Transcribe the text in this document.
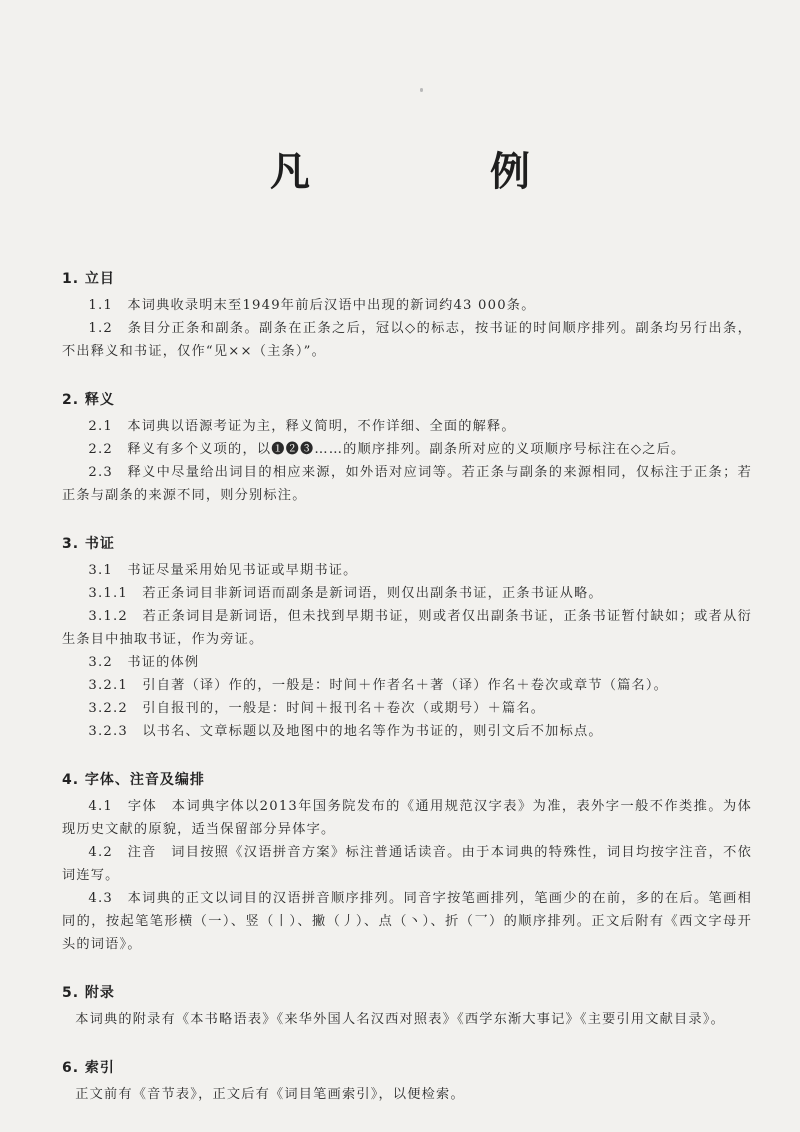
凡　例
1. 立目

1.1　本词典收录明末至1949年前后汉语中出现的新词约43 000条。

1.2　条目分正条和副条。副条在正条之后，冠以◇的标志，按书证的时间顺序排列。副条均另行出条，不出释义和书证，仅作“见××（主条）”。

2. 释义

2.1　本词典以语源考证为主，释义简明，不作详细、全面的解释。

2.2　释义有多个义项的，以❶❷❸……的顺序排列。副条所对应的义项顺序号标注在◇之后。

2.3　释义中尽量给出词目的相应来源，如外语对应词等。若正条与副条的来源相同，仅标注于正条；若正条与副条的来源不同，则分别标注。

3. 书证

3.1　书证尽量采用始见书证或早期书证。

3.1.1　若正条词目非新词语而副条是新词语，则仅出副条书证，正条书证从略。

3.1.2　若正条词目是新词语，但未找到早期书证，则或者仅出副条书证，正条书证暂付缺如；或者从衍生条目中抽取书证，作为旁证。

3.2　书证的体例

3.2.1　引自著（译）作的，一般是：时间＋作者名＋著（译）作名＋卷次或章节（篇名）。

3.2.2　引自报刊的，一般是：时间＋报刊名＋卷次（或期号）＋篇名。

3.2.3　以书名、文章标题以及地图中的地名等作为书证的，则引文后不加标点。

4. 字体、注音及编排

4.1　字体　本词典字体以2013年国务院发布的《通用规范汉字表》为准，表外字一般不作类推。为体现历史文献的原貌，适当保留部分异体字。

4.2　注音　词目按照《汉语拼音方案》标注普通话读音。由于本词典的特殊性，词目均按字注音，不依词连写。

4.3　本词典的正文以词目的汉语拼音顺序排列。同音字按笔画排列，笔画少的在前，多的在后。笔画相同的，按起笔笔形横（一）、竖（丨）、撇（丿）、点（丶）、折（乛）的顺序排列。正文后附有《西文字母开头的词语》。

5. 附录

本词典的附录有《本书略语表》《来华外国人名汉西对照表》《西学东渐大事记》《主要引用文献目录》。

6. 索引

正文前有《音节表》，正文后有《词目笔画索引》，以便检索。
